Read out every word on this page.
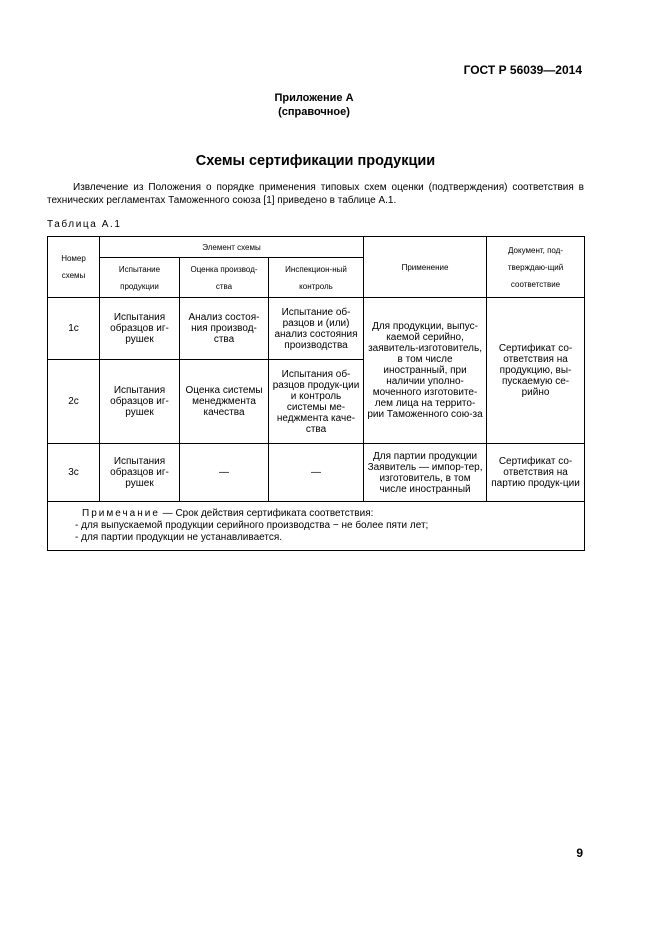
ГОСТ Р 56039—2014
Приложение А
(справочное)
Схемы сертификации продукции
Извлечение из Положения о порядке применения типовых схем оценки (подтверждения) соответствия в технических регламентах Таможенного союза [1] приведено в таблице А.1.
Таблица А.1
Номер схемы	Элемент схемы			Применение	Документ, под-тверждаю-щий соответствие
	Испытание продукции	Оценка производ-ства	Инспекцион-ный контроль		
1с	Испытания образцов иг-рушек	Анализ состоя-ния производ-ства	Испытание об-разцов и (или) анализ состояния производства	Для продукции, выпус-каемой серийно, заявитель-изготовитель, в том числе иностранный, при наличии уполно-моченного изготовите-лем лица на террито-рии Таможенного сою-за	Сертификат со-ответствия на продукцию, вы-пускаемую се-рийно
2с	Испытания образцов иг-рушек	Оценка системы менеджмента качества	Испытания об-разцов продук-ции и контроль системы ме-неджмента каче-ства		
3с	Испытания образцов иг-рушек	—	—	Для партии продукции Заявитель — импор-тер, изготовитель, в том числе иностранный	Сертификат со-ответствия на партию продук-ции

Примечание — Срок действия сертификата соответствия:
- для выпускаемой продукции серийного производства − не более пяти лет;
- для партии продукции не устанавливается.					
9
